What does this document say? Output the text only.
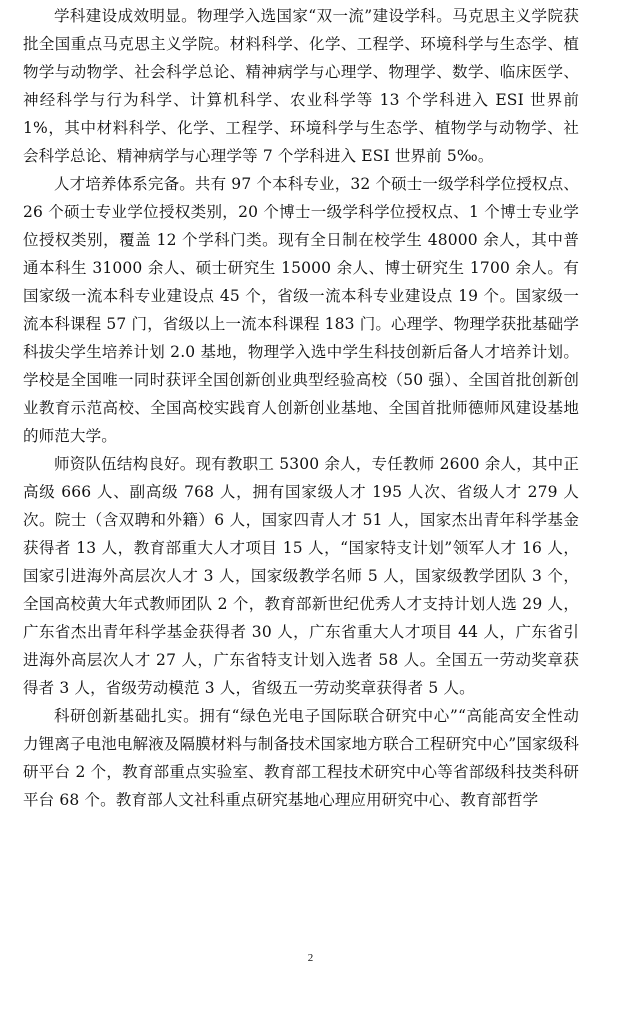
学科建设成效明显。物理学入选国家“双一流”建设学科。马克思主义学院获批全国重点马克思主义学院。材料科学、化学、工程学、环境科学与生态学、植物学与动物学、社会科学总论、精神病学与心理学、物理学、数学、临床医学、神经科学与行为科学、计算机科学、农业科学等 13 个学科进入 ESI 世界前 1%，其中材料科学、化学、工程学、环境科学与生态学、植物学与动物学、社会科学总论、精神病学与心理学等 7 个学科进入 ESI 世界前 5‰。

人才培养体系完备。共有 97 个本科专业，32 个硕士一级学科学位授权点、26 个硕士专业学位授权类别，20 个博士一级学科学位授权点、1 个博士专业学位授权类别，覆盖 12 个学科门类。现有全日制在校学生 48000 余人，其中普通本科生 31000 余人、硕士研究生 15000 余人、博士研究生 1700 余人。有国家级一流本科专业建设点 45 个，省级一流本科专业建设点 19 个。国家级一流本科课程 57 门，省级以上一流本科课程 183 门。心理学、物理学获批基础学科拔尖学生培养计划 2.0 基地，物理学入选中学生科技创新后备人才培养计划。学校是全国唯一同时获评全国创新创业典型经验高校（50 强）、全国首批创新创业教育示范高校、全国高校实践育人创新创业基地、全国首批师德师风建设基地的师范大学。

师资队伍结构良好。现有教职工 5300 余人，专任教师 2600 余人，其中正高级 666 人、副高级 768 人，拥有国家级人才 195 人次、省级人才 279 人次。院士（含双聘和外籍）6 人，国家四青人才 51 人，国家杰出青年科学基金获得者 13 人，教育部重大人才项目 15 人，“国家特支计划”领军人才 16 人，国家引进海外高层次人才 3 人，国家级教学名师 5 人，国家级教学团队 3 个，全国高校黄大年式教师团队 2 个，教育部新世纪优秀人才支持计划人选 29 人，广东省杰出青年科学基金获得者 30 人，广东省重大人才项目 44 人，广东省引进海外高层次人才 27 人，广东省特支计划入选者 58 人。全国五一劳动奖章获得者 3 人，省级劳动模范 3 人，省级五一劳动奖章获得者 5 人。

科研创新基础扎实。拥有“绿色光电子国际联合研究中心”“高能高安全性动力锂离子电池电解液及隔膜材料与制备技术国家地方联合工程研究中心”国家级科研平台 2 个，教育部重点实验室、教育部工程技术研究中心等省部级科技类科研平台 68 个。教育部人文社科重点研究基地心理应用研究中心、教育部哲学

2
